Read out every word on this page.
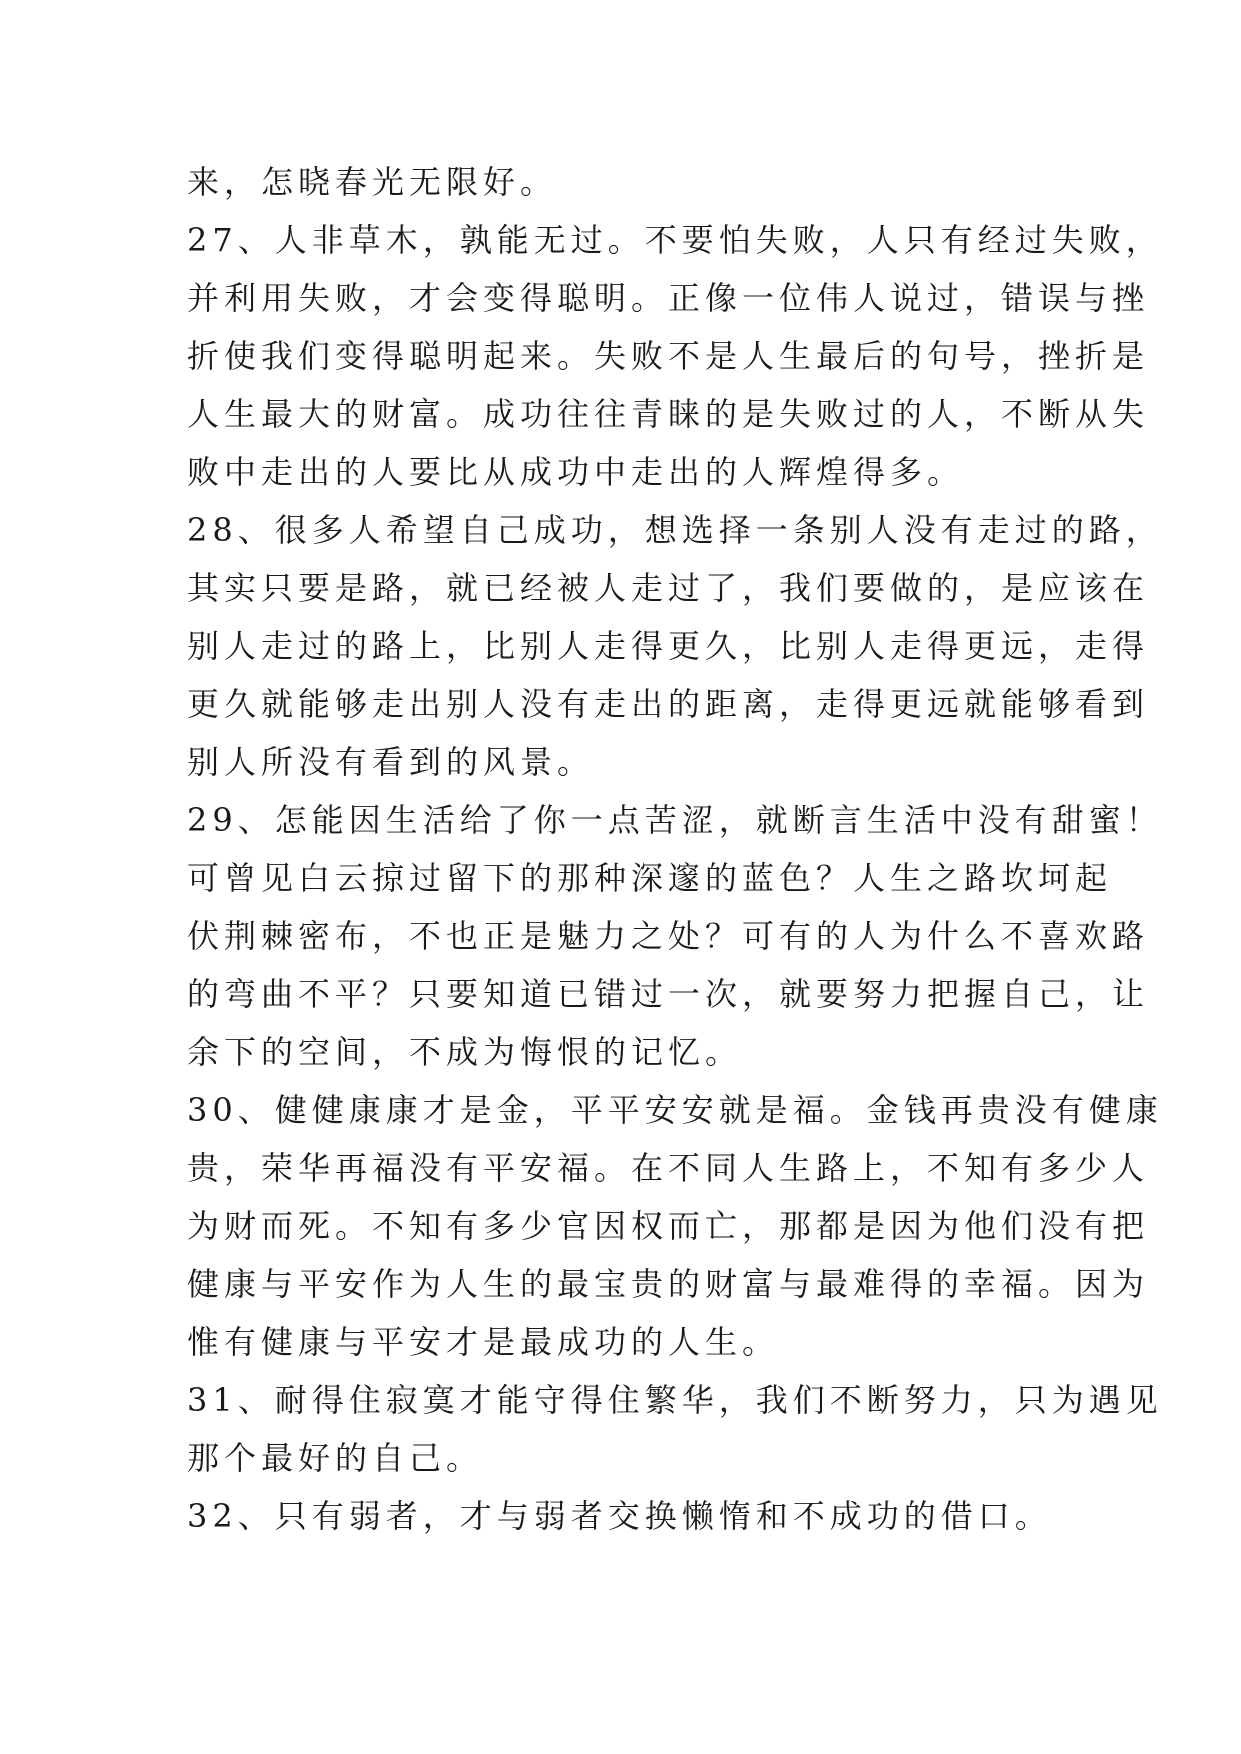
来，怎晓春光无限好。

27、人非草木，孰能无过。不要怕失败，人只有经过失败，
并利用失败，才会变得聪明。正像一位伟人说过，错误与挫
折使我们变得聪明起来。失败不是人生最后的句号，挫折是
人生最大的财富。成功往往青睐的是失败过的人，不断从失
败中走出的人要比从成功中走出的人辉煌得多。

28、很多人希望自己成功，想选择一条别人没有走过的路，
其实只要是路，就已经被人走过了，我们要做的，是应该在
别人走过的路上，比别人走得更久，比别人走得更远，走得
更久就能够走出别人没有走出的距离，走得更远就能够看到
别人所没有看到的风景。

29、怎能因生活给了你一点苦涩，就断言生活中没有甜蜜！
可曾见白云掠过留下的那种深邃的蓝色？人生之路坎坷起
伏荆棘密布，不也正是魅力之处？可有的人为什么不喜欢路
的弯曲不平？只要知道已错过一次，就要努力把握自己，让
余下的空间，不成为悔恨的记忆。

30、健健康康才是金，平平安安就是福。金钱再贵没有健康
贵，荣华再福没有平安福。在不同人生路上，不知有多少人
为财而死。不知有多少官因权而亡，那都是因为他们没有把
健康与平安作为人生的最宝贵的财富与最难得的幸福。因为
惟有健康与平安才是最成功的人生。

31、耐得住寂寞才能守得住繁华，我们不断努力，只为遇见
那个最好的自己。

32、只有弱者，才与弱者交换懒惰和不成功的借口。
